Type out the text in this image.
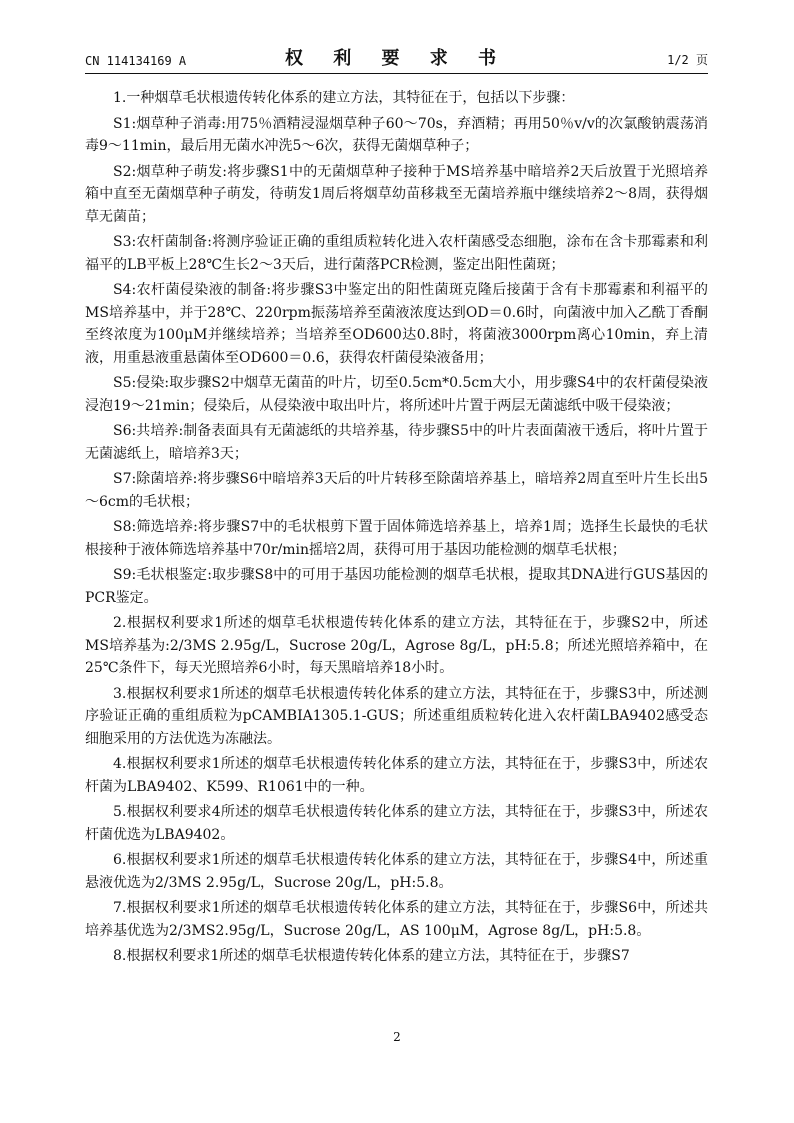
CN 114134169 A	权 利 要 求 书	1/2 页

1.一种烟草毛状根遗传转化体系的建立方法，其特征在于，包括以下步骤：

S1:烟草种子消毒:用75％酒精浸湿烟草种子60～70s，弃酒精；再用50％v/v的次氯酸钠震荡消毒9～11min，最后用无菌水冲洗5～6次，获得无菌烟草种子；

S2:烟草种子萌发:将步骤S1中的无菌烟草种子接种于MS培养基中暗培养2天后放置于光照培养箱中直至无菌烟草种子萌发，待萌发1周后将烟草幼苗移栽至无菌培养瓶中继续培养2～8周，获得烟草无菌苗；

S3:农杆菌制备:将测序验证正确的重组质粒转化进入农杆菌感受态细胞，涂布在含卡那霉素和利福平的LB平板上28℃生长2～3天后，进行菌落PCR检测，鉴定出阳性菌斑；

S4:农杆菌侵染液的制备:将步骤S3中鉴定出的阳性菌斑克隆后接菌于含有卡那霉素和利福平的MS培养基中，并于28℃、220rpm振荡培养至菌液浓度达到OD＝0.6时，向菌液中加入乙酰丁香酮至终浓度为100μM并继续培养；当培养至OD600达0.8时，将菌液3000rpm离心10min，弃上清液，用重悬液重悬菌体至OD600＝0.6，获得农杆菌侵染液备用；

S5:侵染:取步骤S2中烟草无菌苗的叶片，切至0.5cm*0.5cm大小，用步骤S4中的农杆菌侵染液浸泡19～21min；侵染后，从侵染液中取出叶片，将所述叶片置于两层无菌滤纸中吸干侵染液；

S6:共培养:制备表面具有无菌滤纸的共培养基，待步骤S5中的叶片表面菌液干透后，将叶片置于无菌滤纸上，暗培养3天；

S7:除菌培养:将步骤S6中暗培养3天后的叶片转移至除菌培养基上，暗培养2周直至叶片生长出5～6cm的毛状根；

S8:筛选培养:将步骤S7中的毛状根剪下置于固体筛选培养基上，培养1周；选择生长最快的毛状根接种于液体筛选培养基中70r/min摇培2周，获得可用于基因功能检测的烟草毛状根；

S9:毛状根鉴定:取步骤S8中的可用于基因功能检测的烟草毛状根，提取其DNA进行GUS基因的PCR鉴定。

2.根据权利要求1所述的烟草毛状根遗传转化体系的建立方法，其特征在于，步骤S2中，所述MS培养基为:2/3MS 2.95g/L，Sucrose 20g/L，Agrose 8g/L，pH:5.8；所述光照培养箱中，在25℃条件下，每天光照培养6小时，每天黑暗培养18小时。

3.根据权利要求1所述的烟草毛状根遗传转化体系的建立方法，其特征在于，步骤S3中，所述测序验证正确的重组质粒为pCAMBIA1305.1-GUS；所述重组质粒转化进入农杆菌LBA9402感受态细胞采用的方法优选为冻融法。

4.根据权利要求1所述的烟草毛状根遗传转化体系的建立方法，其特征在于，步骤S3中，所述农杆菌为LBA9402、K599、R1061中的一种。

5.根据权利要求4所述的烟草毛状根遗传转化体系的建立方法，其特征在于，步骤S3中，所述农杆菌优选为LBA9402。

6.根据权利要求1所述的烟草毛状根遗传转化体系的建立方法，其特征在于，步骤S4中，所述重悬液优选为2/3MS 2.95g/L，Sucrose 20g/L，pH:5.8。

7.根据权利要求1所述的烟草毛状根遗传转化体系的建立方法，其特征在于，步骤S6中，所述共培养基优选为2/3MS2.95g/L，Sucrose 20g/L，AS 100μM，Agrose 8g/L，pH:5.8。

8.根据权利要求1所述的烟草毛状根遗传转化体系的建立方法，其特征在于，步骤S7

2
